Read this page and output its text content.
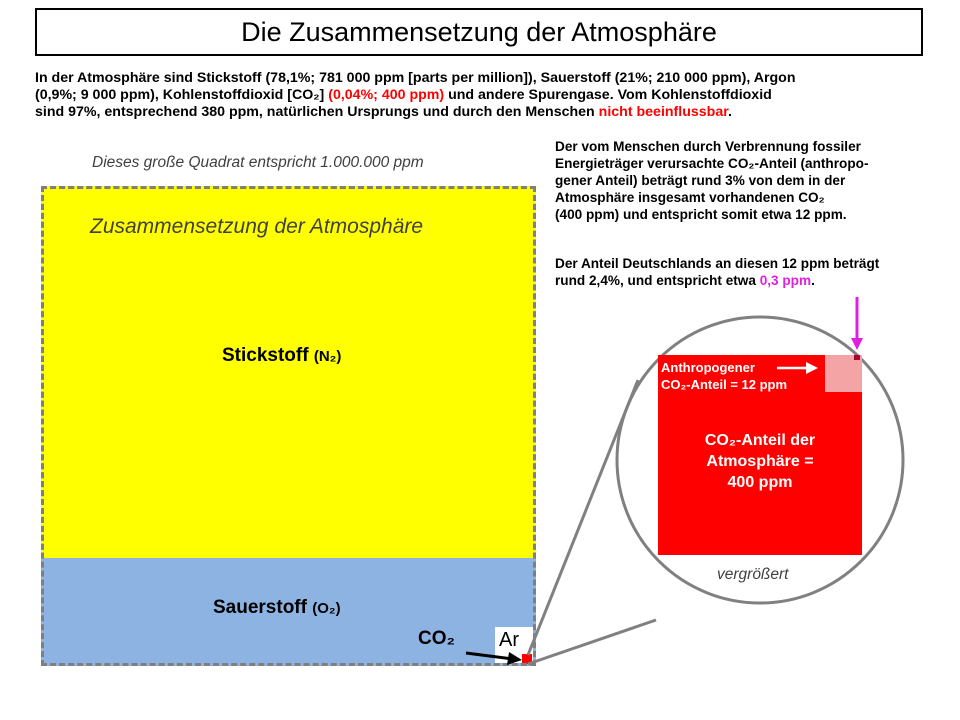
Die Zusammensetzung der Atmosphäre
In der Atmosphäre sind Stickstoff (78,1%; 781 000 ppm [parts per million]), Sauerstoff (21%; 210 000 ppm), Argon
(0,9%; 9 000 ppm), Kohlenstoffdioxid [CO₂] (0,04%; 400 ppm) und andere Spurengase. Vom Kohlenstoffdioxid
sind 97%, entsprechend 380 ppm, natürlichen Ursprungs und durch den Menschen nicht beeinflussbar.
Dieses große Quadrat entspricht 1.000.000 ppm
Zusammensetzung der Atmosphäre
Stickstoff (N₂)
Sauerstoff (O₂)
Ar
CO₂
Der vom Menschen durch Verbrennung fossiler
Energieträger verursachte CO₂-Anteil (anthropo-
gener Anteil) beträgt rund 3% von dem in der
Atmosphäre insgesamt vorhandenen CO₂
(400 ppm) und entspricht somit etwa 12 ppm.
Der Anteil Deutschlands an diesen 12 ppm beträgt
rund 2,4%, und entspricht etwa 0,3 ppm.
Anthropogener
CO₂-Anteil = 12 ppm
CO₂-Anteil der
Atmosphäre =
400 ppm
vergrößert
